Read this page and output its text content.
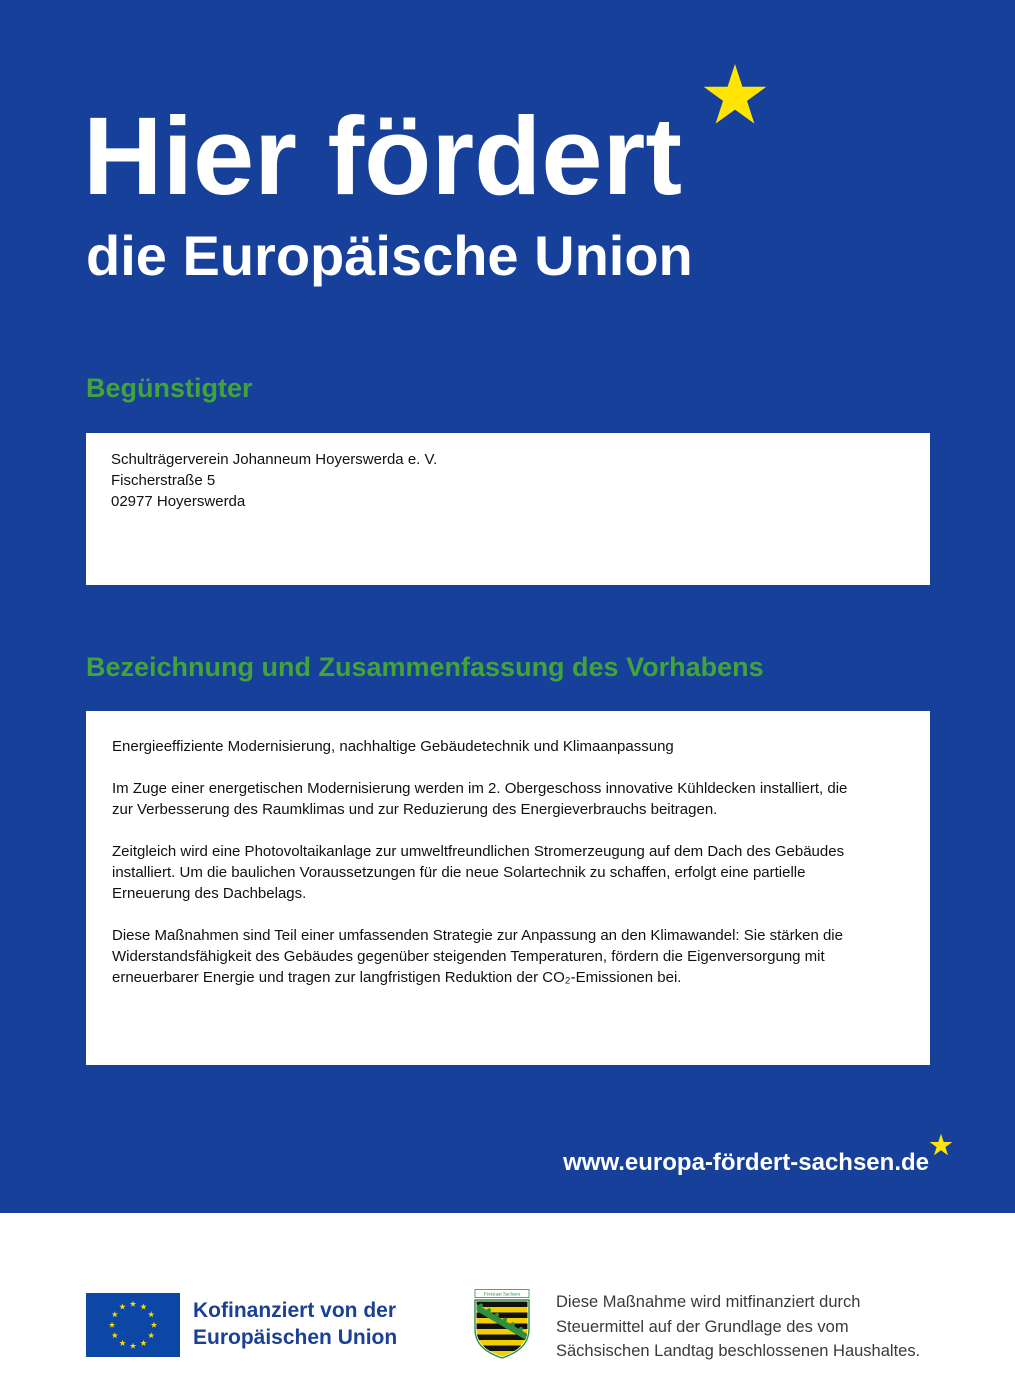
Hier fördert
die Europäische Union
Begünstigter
Schulträgerverein Johanneum Hoyerswerda e. V.
Fischerstraße 5
02977 Hoyerswerda
Bezeichnung und Zusammenfassung des Vorhabens
Energieeffiziente Modernisierung, nachhaltige Gebäudetechnik und Klimaanpassung
Im Zuge einer energetischen Modernisierung werden im 2. Obergeschoss innovative Kühldecken installiert, die
zur Verbesserung des Raumklimas und zur Reduzierung des Energieverbrauchs beitragen.
Zeitgleich wird eine Photovoltaikanlage zur umweltfreundlichen Stromerzeugung auf dem Dach des Gebäudes
installiert. Um die baulichen Voraussetzungen für die neue Solartechnik zu schaffen, erfolgt eine partielle
Erneuerung des Dachbelags.
Diese Maßnahmen sind Teil einer umfassenden Strategie zur Anpassung an den Klimawandel: Sie stärken die
Widerstandsfähigkeit des Gebäudes gegenüber steigenden Temperaturen, fördern die Eigenversorgung mit
erneuerbarer Energie und tragen zur langfristigen Reduktion der CO₂-Emissionen bei.
www.europa-fördert-sachsen.de
Kofinanziert von der
Europäischen Union
Freistaat Sachsen Diese Maßnahme wird mitfinanziert durch
Steuermittel auf der Grundlage des vom
Sächsischen Landtag beschlossenen Haushaltes.
